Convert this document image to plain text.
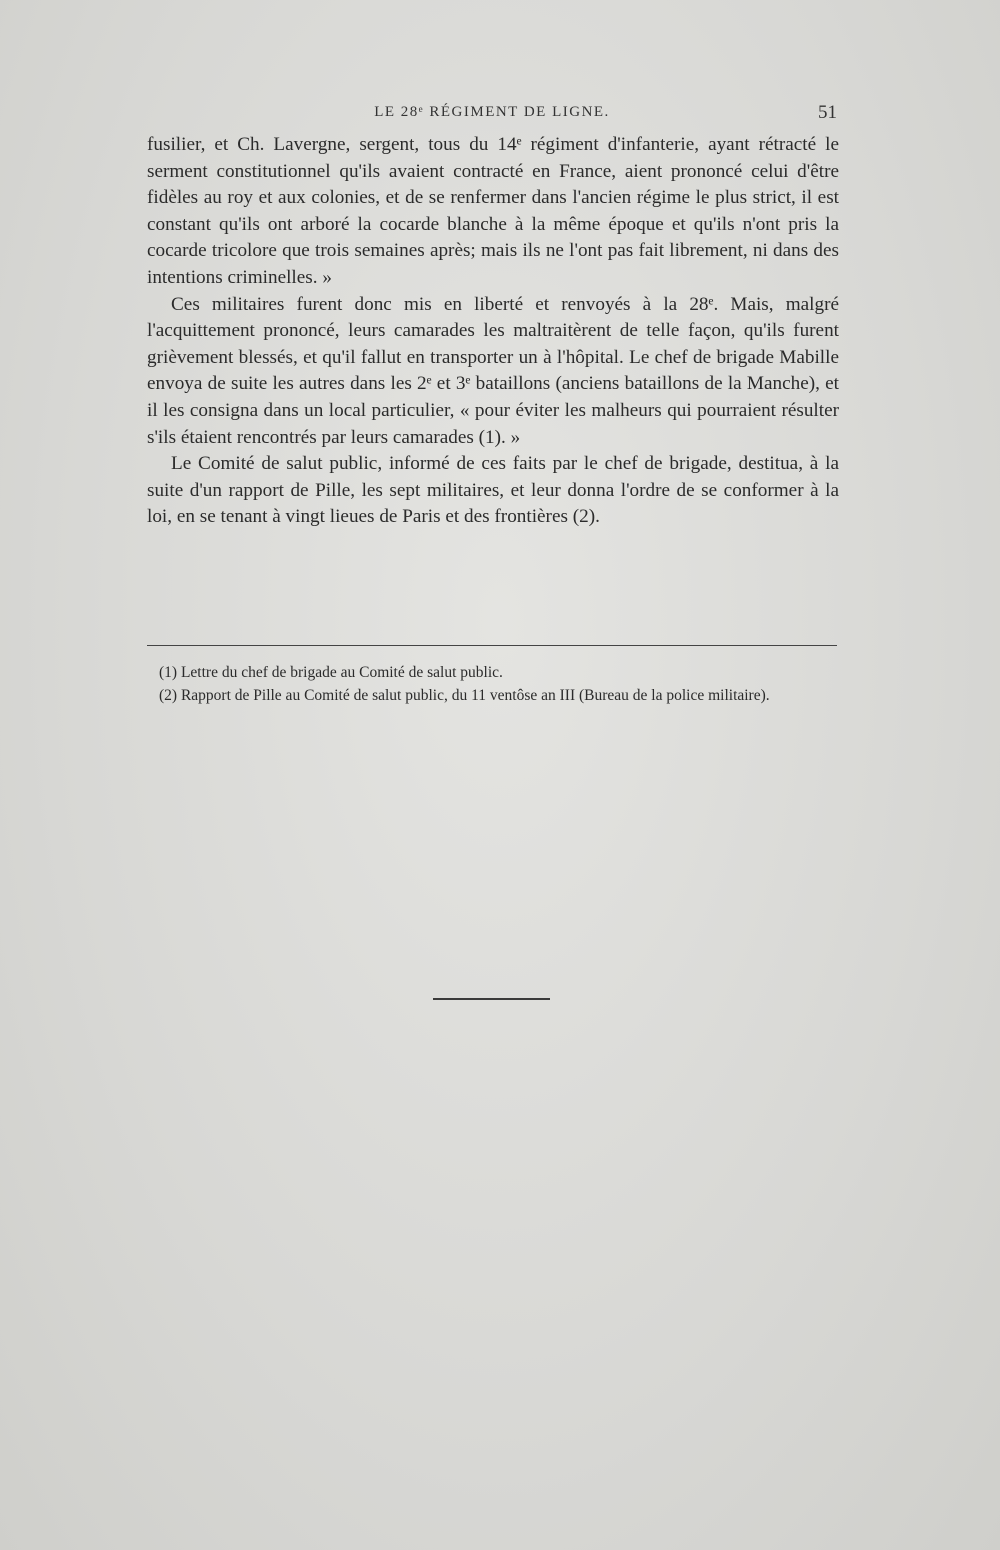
LE 28ᵉ RÉGIMENT DE LIGNE.	51

fusilier, et Ch. Lavergne, sergent, tous du 14ᵉ régiment d'infanterie, ayant rétracté le serment constitutionnel qu'ils avaient contracté en France, aient prononcé celui d'être fidèles au roy et aux colonies, et de se renfermer dans l'ancien régime le plus strict, il est constant qu'ils ont arboré la cocarde blanche à la même époque et qu'ils n'ont pris la cocarde tricolore que trois semaines après; mais ils ne l'ont pas fait librement, ni dans des intentions criminelles. »

Ces militaires furent donc mis en liberté et renvoyés à la 28ᵉ. Mais, malgré l'acquittement prononcé, leurs camarades les maltraitèrent de telle façon, qu'ils furent grièvement blessés, et qu'il fallut en transporter un à l'hôpital. Le chef de brigade Mabille envoya de suite les autres dans les 2ᵉ et 3ᵉ bataillons (anciens bataillons de la Manche), et il les consigna dans un local particulier, « pour éviter les malheurs qui pourraient résulter s'ils étaient rencontrés par leurs camarades (1). »

Le Comité de salut public, informé de ces faits par le chef de brigade, destitua, à la suite d'un rapport de Pille, les sept militaires, et leur donna l'ordre de se conformer à la loi, en se tenant à vingt lieues de Paris et des frontières (2).

(1) Lettre du chef de brigade au Comité de salut public.

(2) Rapport de Pille au Comité de salut public, du 11 ventôse an III (Bureau de la police militaire).
